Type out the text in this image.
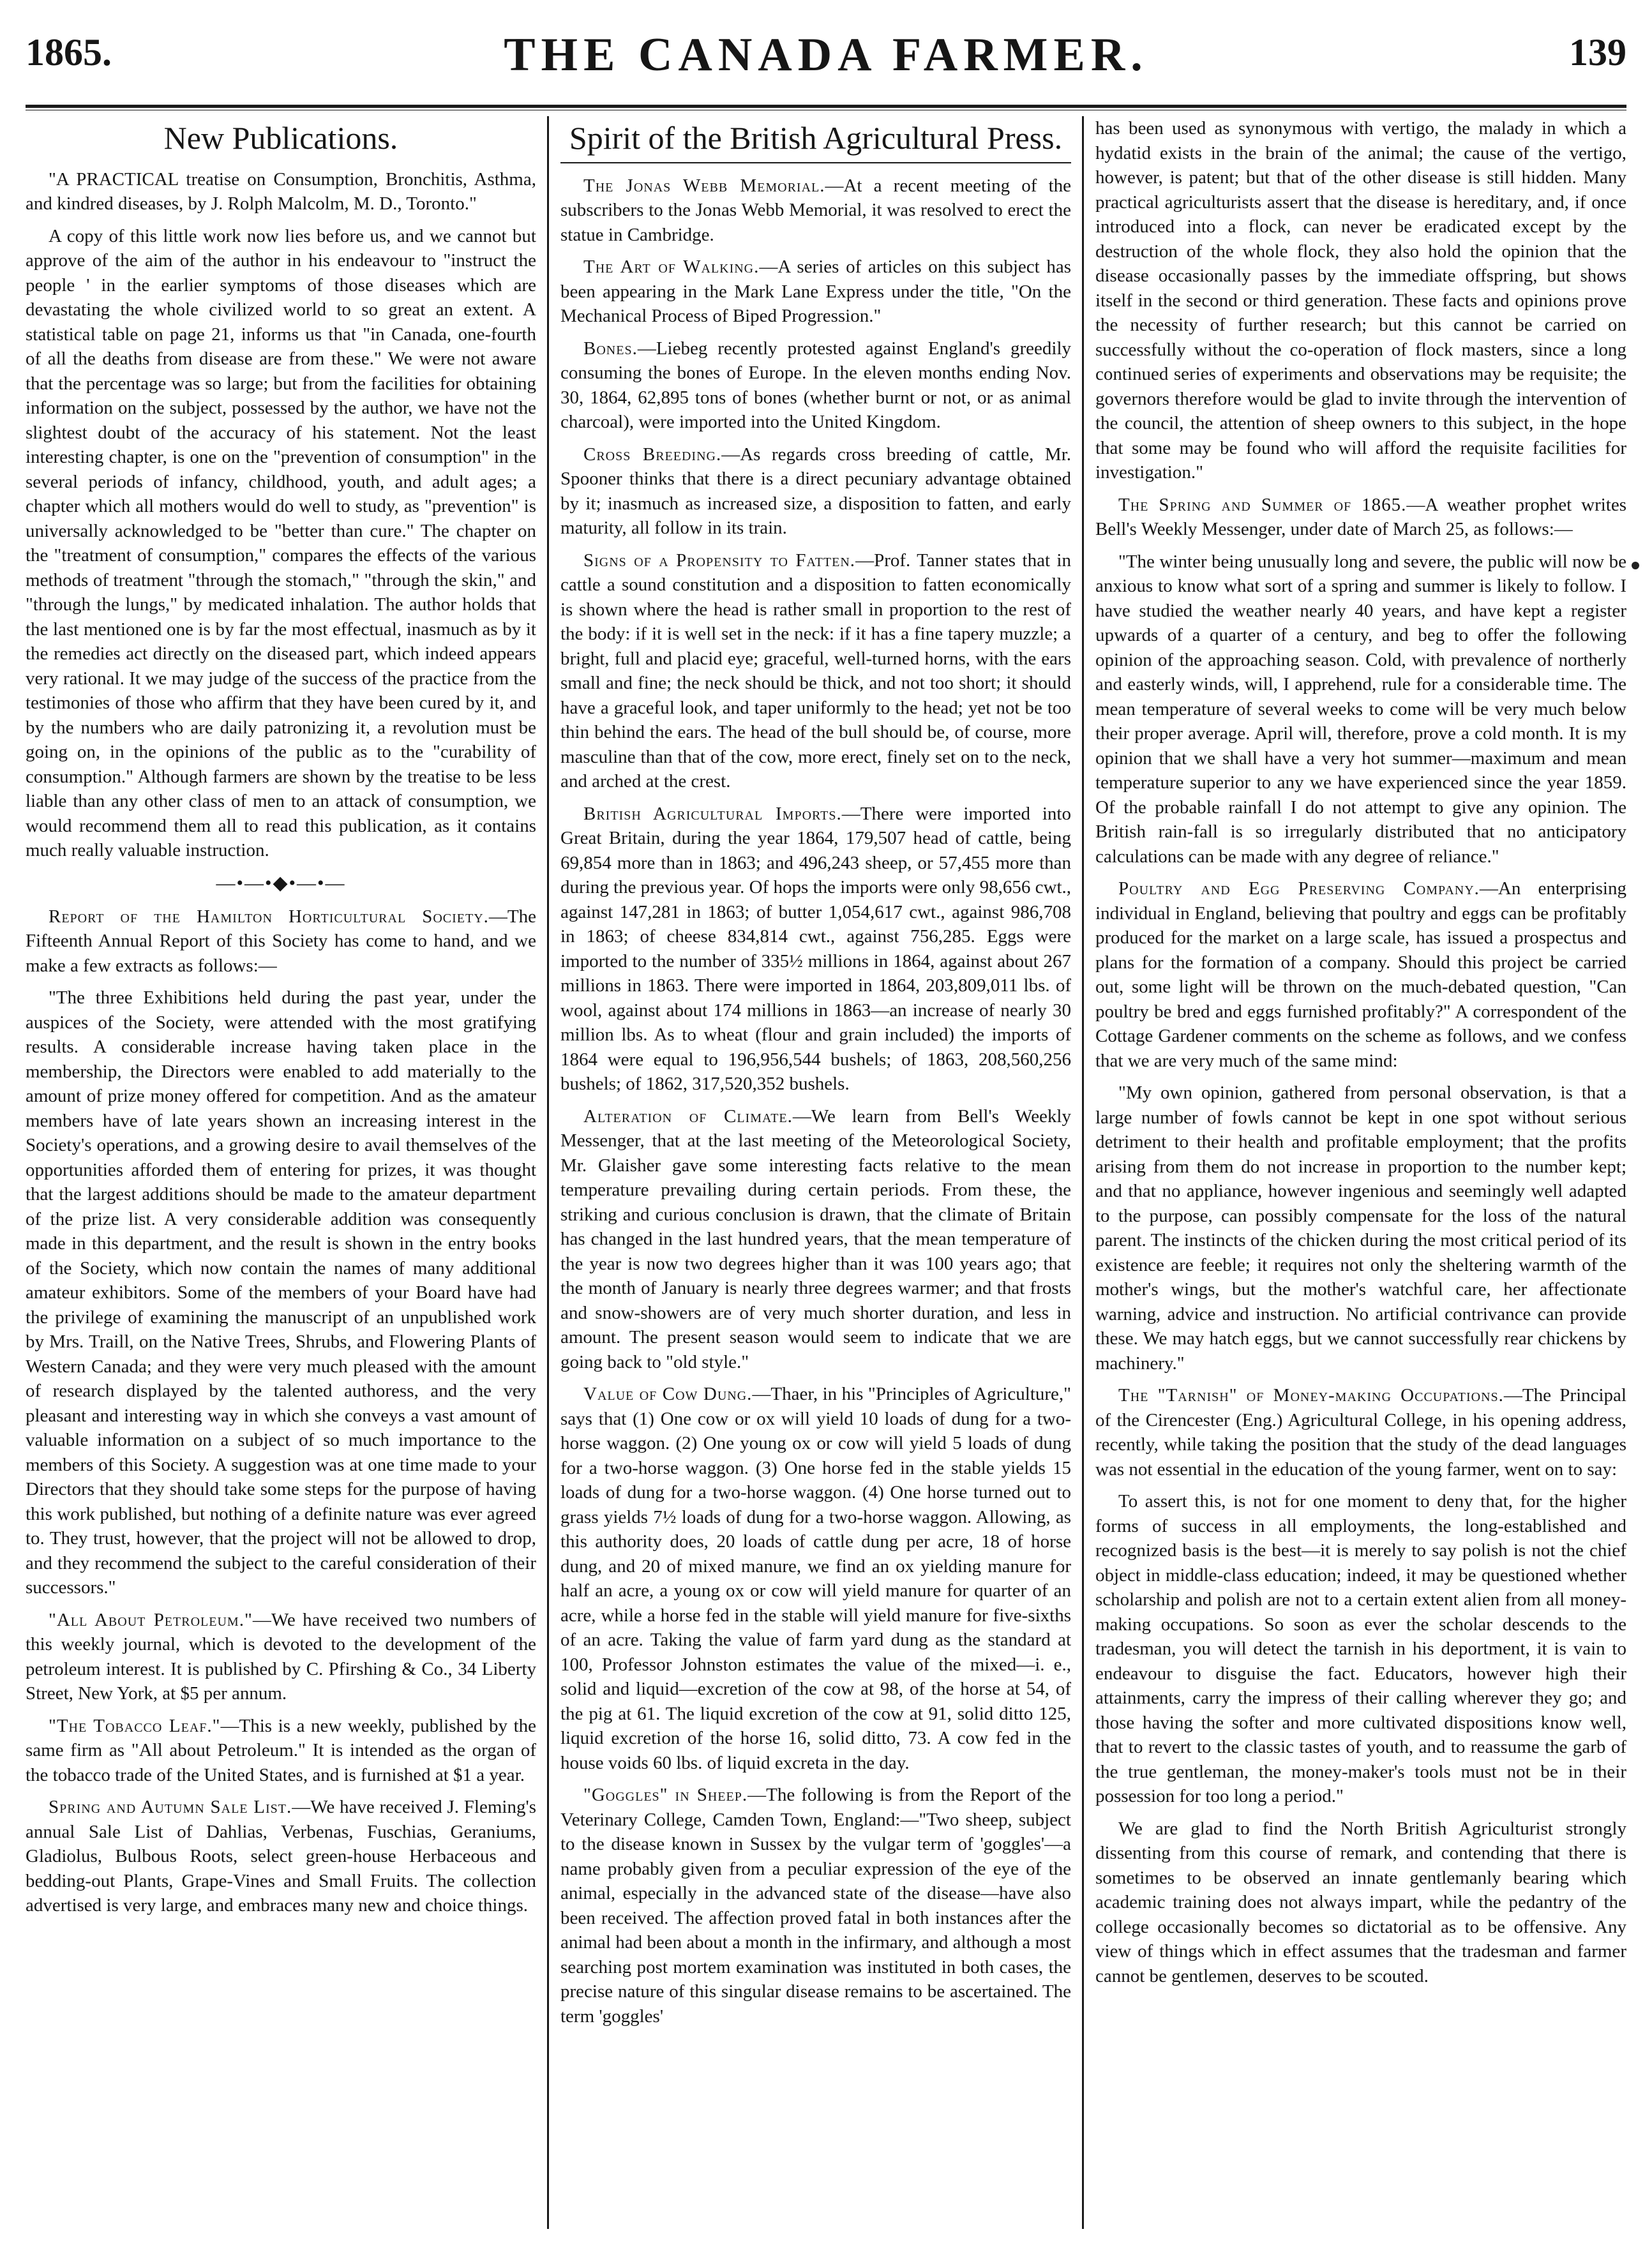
1865.	THE CANADA FARMER.	139
New Publications.

"A PRACTICAL treatise on Consumption, Bronchitis, Asthma, and kindred diseases, by J. Rolph Malcolm, M. D., Toronto."

A copy of this little work now lies before us, and we cannot but approve of the aim of the author in his endeavour to "instruct the people ' in the earlier symptoms of those diseases which are devastating the whole civilized world to so great an extent. A statistical table on page 21, informs us that "in Canada, one-fourth of all the deaths from disease are from these." We were not aware that the percentage was so large; but from the facilities for obtaining information on the subject, possessed by the author, we have not the slightest doubt of the accuracy of his statement. Not the least interesting chapter, is one on the "prevention of consumption" in the several periods of infancy, childhood, youth, and adult ages; a chapter which all mothers would do well to study, as "prevention" is universally acknowledged to be "better than cure." The chapter on the "treatment of consumption," compares the effects of the various methods of treatment "through the stomach," "through the skin," and "through the lungs," by medicated inhalation. The author holds that the last mentioned one is by far the most effectual, inasmuch as by it the remedies act directly on the diseased part, which indeed appears very rational. It we may judge of the success of the practice from the testimonies of those who affirm that they have been cured by it, and by the numbers who are daily patronizing it, a revolution must be going on, in the opinions of the public as to the "curability of consumption." Although farmers are shown by the treatise to be less liable than any other class of men to an attack of consumption, we would recommend them all to read this publication, as it contains much really valuable instruction.

—•—•◆•—•—

Report of the Hamilton Horticultural Society.—The Fifteenth Annual Report of this Society has come to hand, and we make a few extracts as follows:—

"The three Exhibitions held during the past year, under the auspices of the Society, were attended with the most gratifying results. A considerable increase having taken place in the membership, the Directors were enabled to add materially to the amount of prize money offered for competition. And as the amateur members have of late years shown an increasing interest in the Society's operations, and a growing desire to avail themselves of the opportunities afforded them of entering for prizes, it was thought that the largest additions should be made to the amateur department of the prize list. A very considerable addition was consequently made in this department, and the result is shown in the entry books of the Society, which now contain the names of many additional amateur exhibitors. Some of the members of your Board have had the privilege of examining the manuscript of an unpublished work by Mrs. Traill, on the Native Trees, Shrubs, and Flowering Plants of Western Canada; and they were very much pleased with the amount of research displayed by the talented authoress, and the very pleasant and interesting way in which she conveys a vast amount of valuable information on a subject of so much importance to the members of this Society. A suggestion was at one time made to your Directors that they should take some steps for the purpose of having this work published, but nothing of a definite nature was ever agreed to. They trust, however, that the project will not be allowed to drop, and they recommend the subject to the careful consideration of their successors."

"All About Petroleum."—We have received two numbers of this weekly journal, which is devoted to the development of the petroleum interest. It is published by C. Pfirshing & Co., 34 Liberty Street, New York, at $5 per annum.

"The Tobacco Leaf."—This is a new weekly, published by the same firm as "All about Petroleum." It is intended as the organ of the tobacco trade of the United States, and is furnished at $1 a year.

Spring and Autumn Sale List.—We have received J. Fleming's annual Sale List of Dahlias, Verbenas, Fuschias, Geraniums, Gladiolus, Bulbous Roots, select green-house Herbaceous and bedding-out Plants, Grape-Vines and Small Fruits. The collection advertised is very large, and embraces many new and choice things.

Spirit of the British Agricultural Press.

The Jonas Webb Memorial.—At a recent meeting of the subscribers to the Jonas Webb Memorial, it was resolved to erect the statue in Cambridge.

The Art of Walking.—A series of articles on this subject has been appearing in the Mark Lane Express under the title, "On the Mechanical Process of Biped Progression."

Bones.—Liebeg recently protested against England's greedily consuming the bones of Europe. In the eleven months ending Nov. 30, 1864, 62,895 tons of bones (whether burnt or not, or as animal charcoal), were imported into the United Kingdom.

Cross Breeding.—As regards cross breeding of cattle, Mr. Spooner thinks that there is a direct pecuniary advantage obtained by it; inasmuch as increased size, a disposition to fatten, and early maturity, all follow in its train.

Signs of a Propensity to Fatten.—Prof. Tanner states that in cattle a sound constitution and a disposition to fatten economically is shown where the head is rather small in proportion to the rest of the body: if it is well set in the neck: if it has a fine tapery muzzle; a bright, full and placid eye; graceful, well-turned horns, with the ears small and fine; the neck should be thick, and not too short; it should have a graceful look, and taper uniformly to the head; yet not be too thin behind the ears. The head of the bull should be, of course, more masculine than that of the cow, more erect, finely set on to the neck, and arched at the crest.

British Agricultural Imports.—There were imported into Great Britain, during the year 1864, 179,507 head of cattle, being 69,854 more than in 1863; and 496,243 sheep, or 57,455 more than during the previous year. Of hops the imports were only 98,656 cwt., against 147,281 in 1863; of butter 1,054,617 cwt., against 986,708 in 1863; of cheese 834,814 cwt., against 756,285. Eggs were imported to the number of 335½ millions in 1864, against about 267 millions in 1863. There were imported in 1864, 203,809,011 lbs. of wool, against about 174 millions in 1863—an increase of nearly 30 million lbs. As to wheat (flour and grain included) the imports of 1864 were equal to 196,956,544 bushels; of 1863, 208,560,256 bushels; of 1862, 317,520,352 bushels.

Alteration of Climate.—We learn from Bell's Weekly Messenger, that at the last meeting of the Meteorological Society, Mr. Glaisher gave some interesting facts relative to the mean temperature prevailing during certain periods. From these, the striking and curious conclusion is drawn, that the climate of Britain has changed in the last hundred years, that the mean temperature of the year is now two degrees higher than it was 100 years ago; that the month of January is nearly three degrees warmer; and that frosts and snow-showers are of very much shorter duration, and less in amount. The present season would seem to indicate that we are going back to "old style."

Value of Cow Dung.—Thaer, in his "Principles of Agriculture," says that (1) One cow or ox will yield 10 loads of dung for a two-horse waggon. (2) One young ox or cow will yield 5 loads of dung for a two-horse waggon. (3) One horse fed in the stable yields 15 loads of dung for a two-horse waggon. (4) One horse turned out to grass yields 7½ loads of dung for a two-horse waggon. Allowing, as this authority does, 20 loads of cattle dung per acre, 18 of horse dung, and 20 of mixed manure, we find an ox yielding manure for half an acre, a young ox or cow will yield manure for quarter of an acre, while a horse fed in the stable will yield manure for five-sixths of an acre. Taking the value of farm yard dung as the standard at 100, Professor Johnston estimates the value of the mixed—i. e., solid and liquid—excretion of the cow at 98, of the horse at 54, of the pig at 61. The liquid excretion of the cow at 91, solid ditto 125, liquid excretion of the horse 16, solid ditto, 73. A cow fed in the house voids 60 lbs. of liquid excreta in the day.

"Goggles" in Sheep.—The following is from the Report of the Veterinary College, Camden Town, England:—"Two sheep, subject to the disease known in Sussex by the vulgar term of 'goggles'—a name probably given from a peculiar expression of the eye of the animal, especially in the advanced state of the disease—have also been received. The affection proved fatal in both instances after the animal had been about a month in the infirmary, and although a most searching post mortem examination was instituted in both cases, the precise nature of this singular disease remains to be ascertained. The term 'goggles'

has been used as synonymous with vertigo, the malady in which a hydatid exists in the brain of the animal; the cause of the vertigo, however, is patent; but that of the other disease is still hidden. Many practical agriculturists assert that the disease is hereditary, and, if once introduced into a flock, can never be eradicated except by the destruction of the whole flock, they also hold the opinion that the disease occasionally passes by the immediate offspring, but shows itself in the second or third generation. These facts and opinions prove the necessity of further research; but this cannot be carried on successfully without the co-operation of flock masters, since a long continued series of experiments and observations may be requisite; the governors therefore would be glad to invite through the intervention of the council, the attention of sheep owners to this subject, in the hope that some may be found who will afford the requisite facilities for investigation."

The Spring and Summer of 1865.—A weather prophet writes Bell's Weekly Messenger, under date of March 25, as follows:—

"The winter being unusually long and severe, the public will now be anxious to know what sort of a spring and summer is likely to follow. I have studied the weather nearly 40 years, and have kept a register upwards of a quarter of a century, and beg to offer the following opinion of the approaching season. Cold, with prevalence of northerly and easterly winds, will, I apprehend, rule for a considerable time. The mean temperature of several weeks to come will be very much below their proper average. April will, therefore, prove a cold month. It is my opinion that we shall have a very hot summer—maximum and mean temperature superior to any we have experienced since the year 1859. Of the probable rainfall I do not attempt to give any opinion. The British rain-fall is so irregularly distributed that no anticipatory calculations can be made with any degree of reliance."

Poultry and Egg Preserving Company.—An enterprising individual in England, believing that poultry and eggs can be profitably produced for the market on a large scale, has issued a prospectus and plans for the formation of a company. Should this project be carried out, some light will be thrown on the much-debated question, "Can poultry be bred and eggs furnished profitably?" A correspondent of the Cottage Gardener comments on the scheme as follows, and we confess that we are very much of the same mind:

"My own opinion, gathered from personal observation, is that a large number of fowls cannot be kept in one spot without serious detriment to their health and profitable employment; that the profits arising from them do not increase in proportion to the number kept; and that no appliance, however ingenious and seemingly well adapted to the purpose, can possibly compensate for the loss of the natural parent. The instincts of the chicken during the most critical period of its existence are feeble; it requires not only the sheltering warmth of the mother's wings, but the mother's watchful care, her affectionate warning, advice and instruction. No artificial contrivance can provide these. We may hatch eggs, but we cannot successfully rear chickens by machinery."

The "Tarnish" of Money-making Occupations.—The Principal of the Cirencester (Eng.) Agricultural College, in his opening address, recently, while taking the position that the study of the dead languages was not essential in the education of the young farmer, went on to say:

To assert this, is not for one moment to deny that, for the higher forms of success in all employments, the long-established and recognized basis is the best—it is merely to say polish is not the chief object in middle-class education; indeed, it may be questioned whether scholarship and polish are not to a certain extent alien from all money-making occupations. So soon as ever the scholar descends to the tradesman, you will detect the tarnish in his deportment, it is vain to endeavour to disguise the fact. Educators, however high their attainments, carry the impress of their calling wherever they go; and those having the softer and more cultivated dispositions know well, that to revert to the classic tastes of youth, and to reassume the garb of the true gentleman, the money-maker's tools must not be in their possession for too long a period."

We are glad to find the North British Agriculturist strongly dissenting from this course of remark, and contending that there is sometimes to be observed an innate gentlemanly bearing which academic training does not always impart, while the pedantry of the college occasionally becomes so dictatorial as to be offensive. Any view of things which in effect assumes that the tradesman and farmer cannot be gentlemen, deserves to be scouted.
